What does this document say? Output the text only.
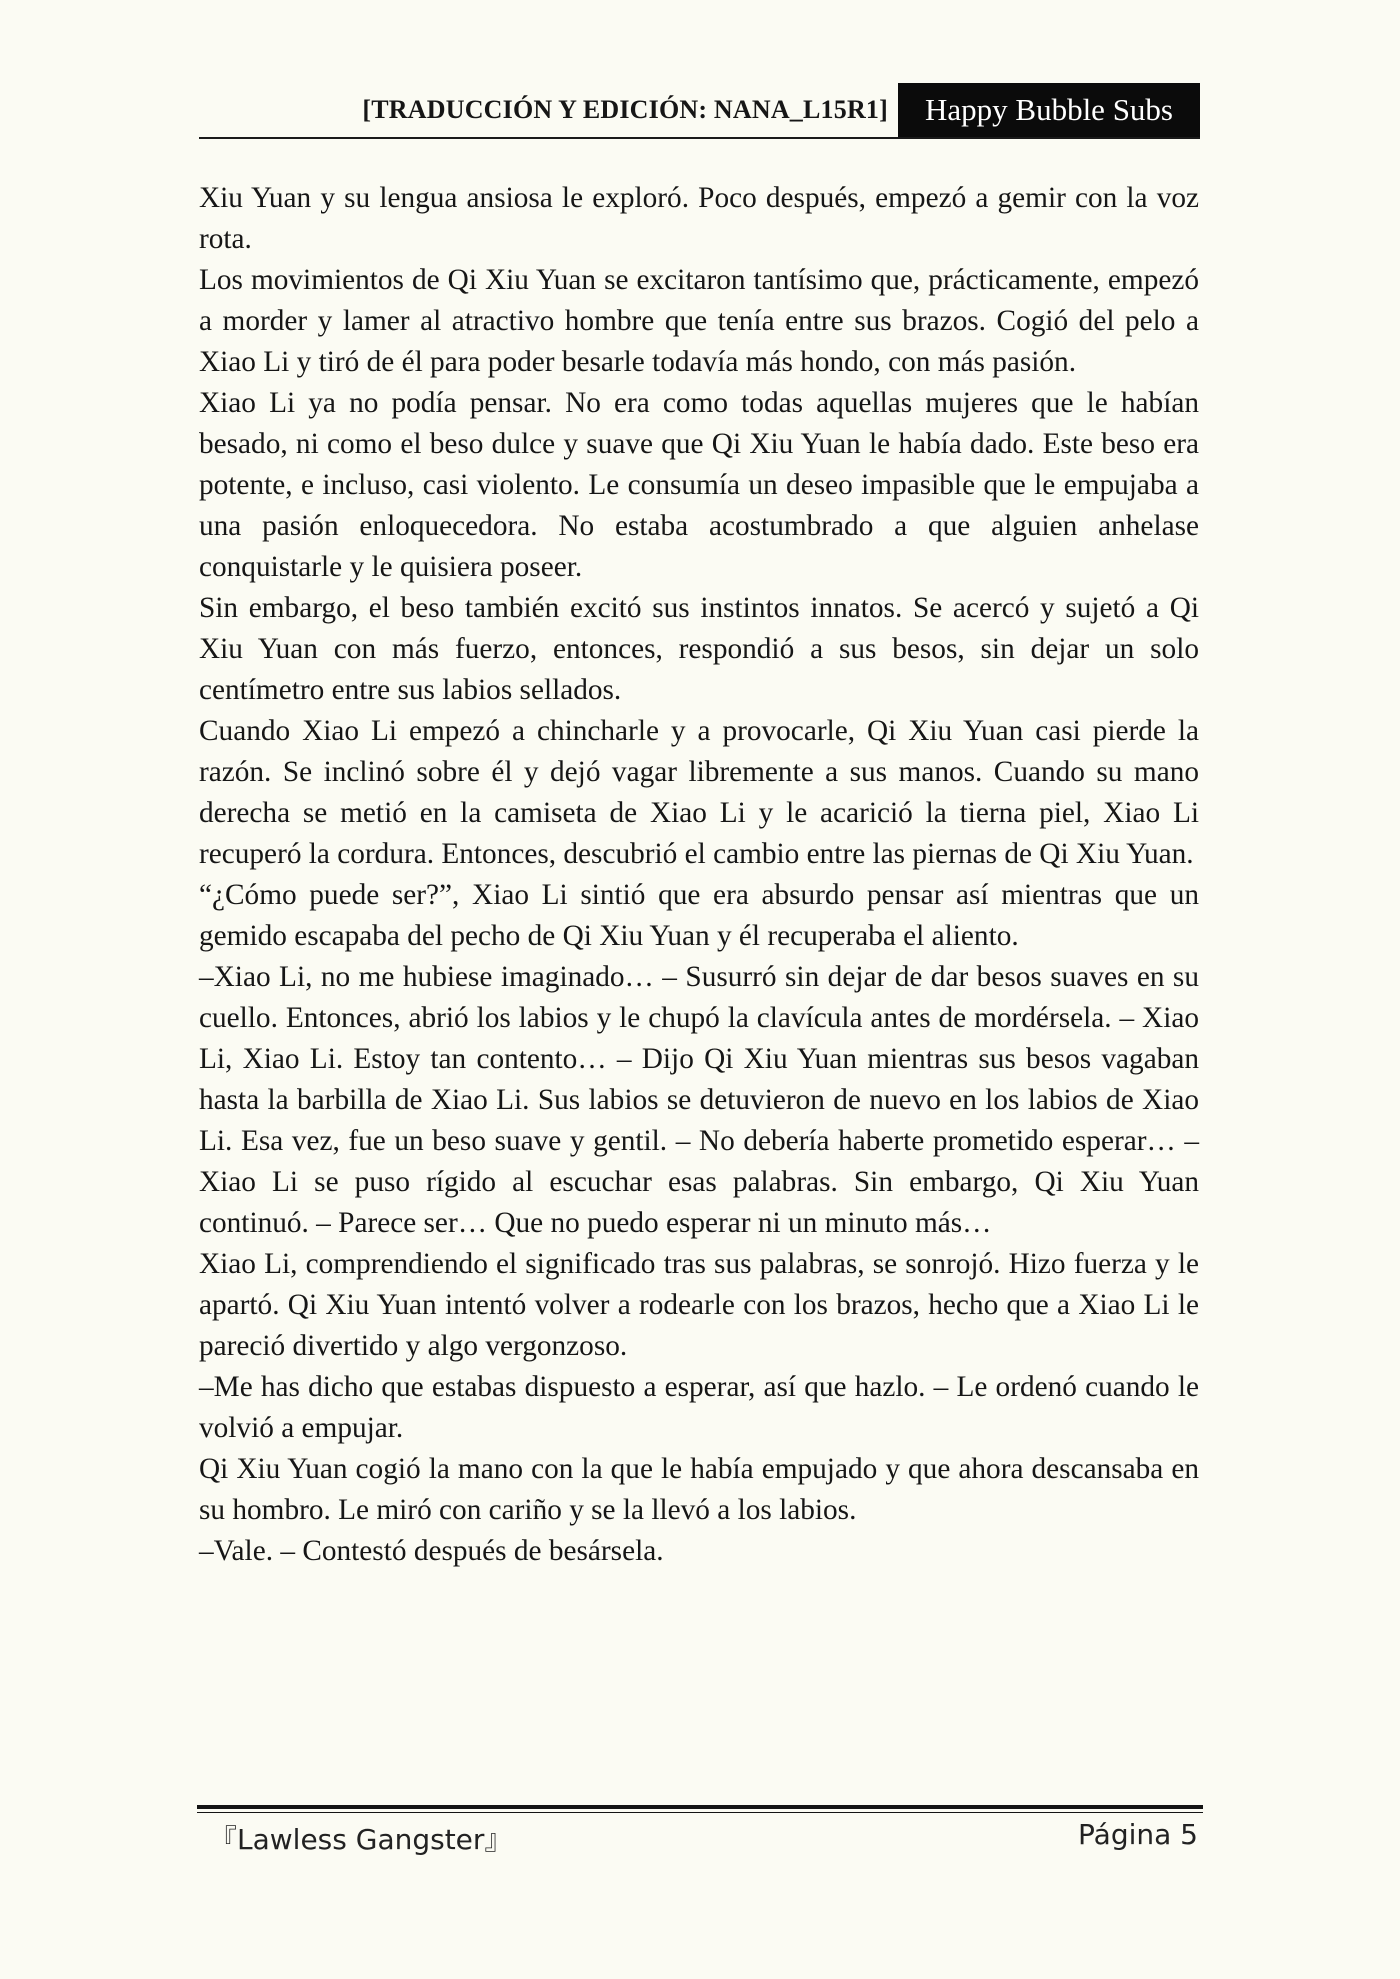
[TRADUCCIÓN Y EDICIÓN: NANA_L15R1]	Happy Bubble Subs

Xiu Yuan y su lengua ansiosa le exploró. Poco después, empezó a gemir con la voz rota.

Los movimientos de Qi Xiu Yuan se excitaron tantísimo que, prácticamente, empezó a morder y lamer al atractivo hombre que tenía entre sus brazos. Cogió del pelo a Xiao Li y tiró de él para poder besarle todavía más hondo, con más pasión.

Xiao Li ya no podía pensar. No era como todas aquellas mujeres que le habían besado, ni como el beso dulce y suave que Qi Xiu Yuan le había dado. Este beso era potente, e incluso, casi violento. Le consumía un deseo impasible que le empujaba a una pasión enloquecedora. No estaba acostumbrado a que alguien anhelase conquistarle y le quisiera poseer.

Sin embargo, el beso también excitó sus instintos innatos. Se acercó y sujetó a Qi Xiu Yuan con más fuerzo, entonces, respondió a sus besos, sin dejar un solo centímetro entre sus labios sellados.

Cuando Xiao Li empezó a chincharle y a provocarle, Qi Xiu Yuan casi pierde la razón. Se inclinó sobre él y dejó vagar libremente a sus manos. Cuando su mano derecha se metió en la camiseta de Xiao Li y le acarició la tierna piel, Xiao Li recuperó la cordura. Entonces, descubrió el cambio entre las piernas de Qi Xiu Yuan.

“¿Cómo puede ser?”, Xiao Li sintió que era absurdo pensar así mientras que un gemido escapaba del pecho de Qi Xiu Yuan y él recuperaba el aliento.

–Xiao Li, no me hubiese imaginado… – Susurró sin dejar de dar besos suaves en su cuello. Entonces, abrió los labios y le chupó la clavícula antes de mordérsela. – Xiao Li, Xiao Li. Estoy tan contento… – Dijo Qi Xiu Yuan mientras sus besos vagaban hasta la barbilla de Xiao Li. Sus labios se detuvieron de nuevo en los labios de Xiao Li. Esa vez, fue un beso suave y gentil. – No debería haberte prometido esperar… – Xiao Li se puso rígido al escuchar esas palabras. Sin embargo, Qi Xiu Yuan continuó. – Parece ser… Que no puedo esperar ni un minuto más…

Xiao Li, comprendiendo el significado tras sus palabras, se sonrojó. Hizo fuerza y le apartó. Qi Xiu Yuan intentó volver a rodearle con los brazos, hecho que a Xiao Li le pareció divertido y algo vergonzoso.

–Me has dicho que estabas dispuesto a esperar, así que hazlo. – Le ordenó cuando le volvió a empujar.

Qi Xiu Yuan cogió la mano con la que le había empujado y que ahora descansaba en su hombro. Le miró con cariño y se la llevó a los labios.

–Vale. – Contestó después de besársela.

『Lawless Gangster』	Página 5
